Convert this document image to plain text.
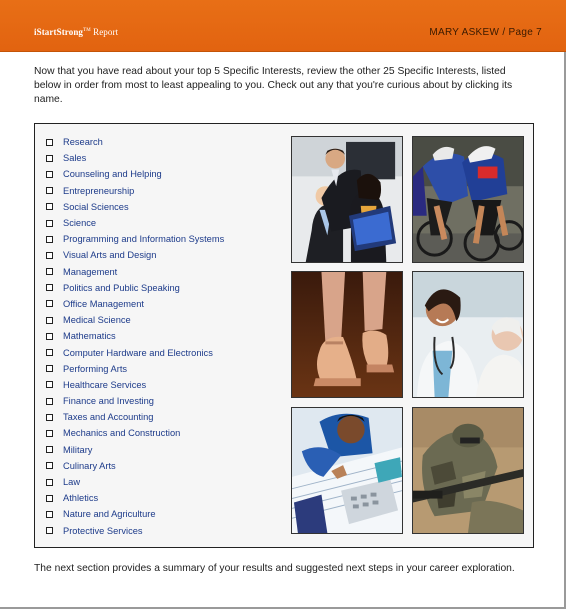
iStartStrong™ Report	MARY ASKEW / Page 7
Now that you have read about your top 5 Specific Interests, review the other 25 Specific Interests, listed below in order from most to least appealing to you. Check out any that you're curious about by clicking its name.
Research
Sales
Counseling and Helping
Entrepreneurship
Social Sciences
Science
Programming and Information Systems
Visual Arts and Design
Management
Politics and Public Speaking
Office Management
Medical Science
Mathematics
Computer Hardware and Electronics
Performing Arts
Healthcare Services
Finance and Investing
Taxes and Accounting
Mechanics and Construction
Military
Culinary Arts
Law
Athletics
Nature and Agriculture
Protective Services
The next section provides a summary of your results and suggested next steps in your career exploration.
